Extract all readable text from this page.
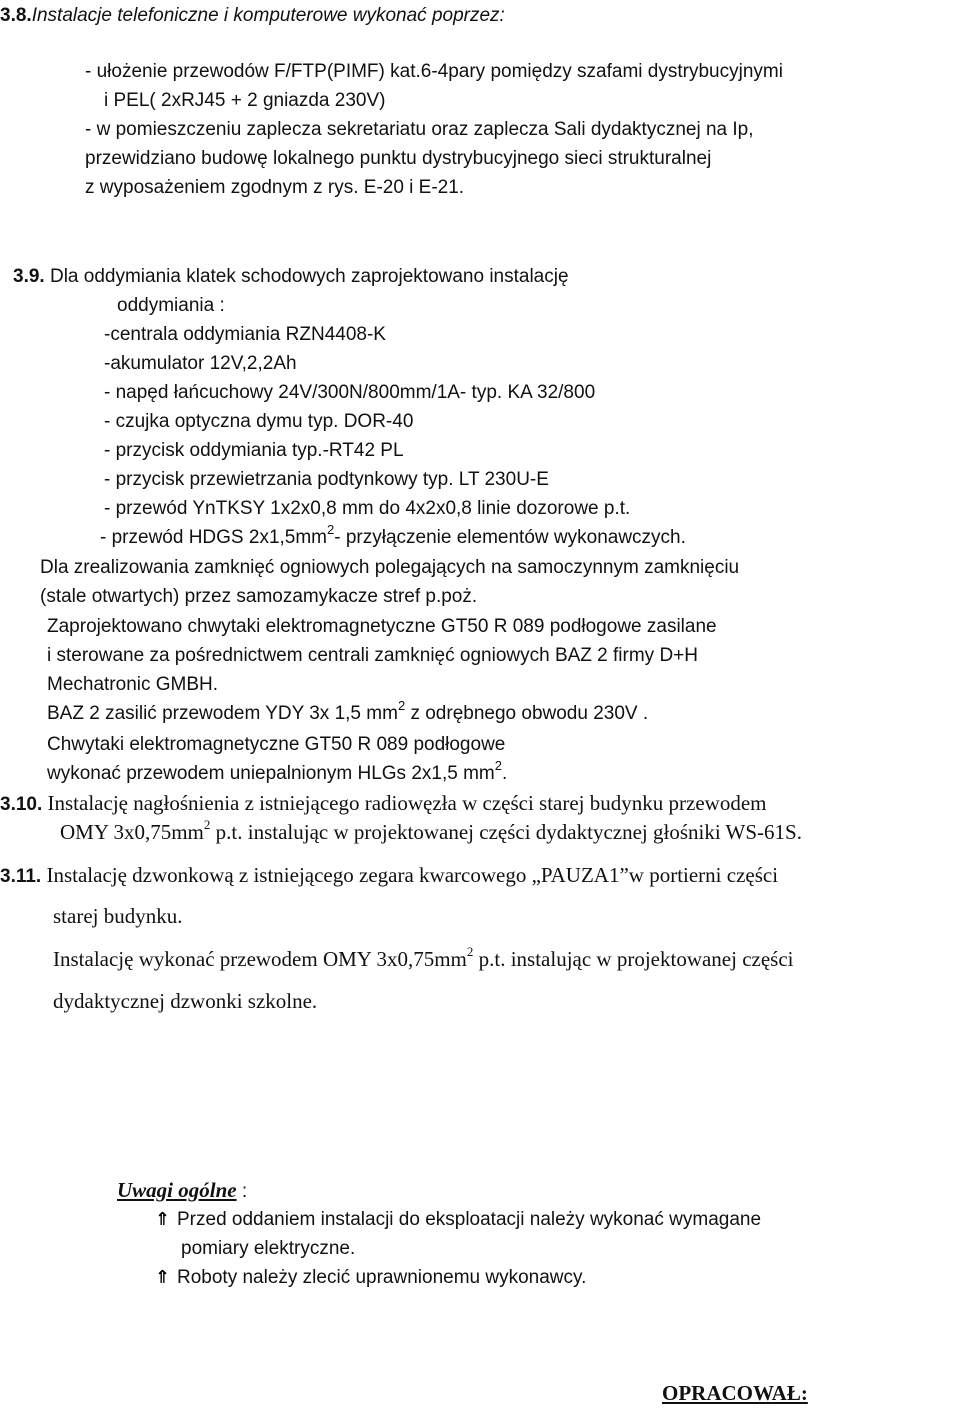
3.8.Instalacje telefoniczne i komputerowe wykonać poprzez:
- ułożenie przewodów F/FTP(PIMF) kat.6-4pary pomiędzy szafami dystrybucyjnymi
i PEL( 2xRJ45 + 2 gniazda 230V)
- w pomieszczeniu zaplecza sekretariatu oraz zaplecza Sali dydaktycznej na Ip,
przewidziano budowę lokalnego punktu dystrybucyjnego sieci strukturalnej
z wyposażeniem zgodnym z rys. E-20 i E-21.
3.9. Dla oddymiania klatek schodowych zaprojektowano instalację
oddymiania :
-centrala oddymiania RZN4408-K
-akumulator 12V,2,2Ah
- napęd łańcuchowy 24V/300N/800mm/1A- typ. KA 32/800
- czujka optyczna dymu typ. DOR-40
- przycisk oddymiania typ.-RT42 PL
- przycisk przewietrzania podtynkowy typ. LT 230U-E
- przewód YnTKSY 1x2x0,8 mm do 4x2x0,8 linie dozorowe p.t.
- przewód HDGS $2x1,5mm^2-$ przyłączenie elementów wykonawczych.
Dla zrealizowania zamknięć ogniowych polegających na samoczynnym zamknięciu
(stale otwartych) przez samozamykacze stref p.poż.
Zaprojektowano chwytaki elektromagnetyczne GT50 R 089 podłogowe zasilane
i sterowane za pośrednictwem centrali zamknięć ogniowych BAZ 2 firmy D+H
Mechatronic GMBH.
BAZ 2 zasilić przewodem YDY 3x 1,5 $mm^2$ z odrębnego obwodu 230V .
Chwytaki elektromagnetyczne GT50 R 089 podłogowe
wykonać przewodem uniepalnionym HLGs 2x1,5 $mm^2$.
3.10. Instalację nagłośnienia z istniejącego radiowęzła w części starej budynku przewodem
OMY $3x0,75mm^2$ p.t. instalując w projektowanej części dydaktycznej głośniki WS-61S.
3.11. Instalację dzwonkową z istniejącego zegara kwarcowego „PAUZA1”w portierni części
starej budynku.
Instalację wykonać przewodem OMY $3x0,75mm^2$ p.t. instalując w projektowanej części
dydaktycznej dzwonki szkolne.
Uwagi ogólne :
⇑ Przed oddaniem instalacji do eksploatacji należy wykonać wymagane
pomiary elektryczne.
⇑ Roboty należy zlecić uprawnionemu wykonawcy.
OPRACOWAŁ:
